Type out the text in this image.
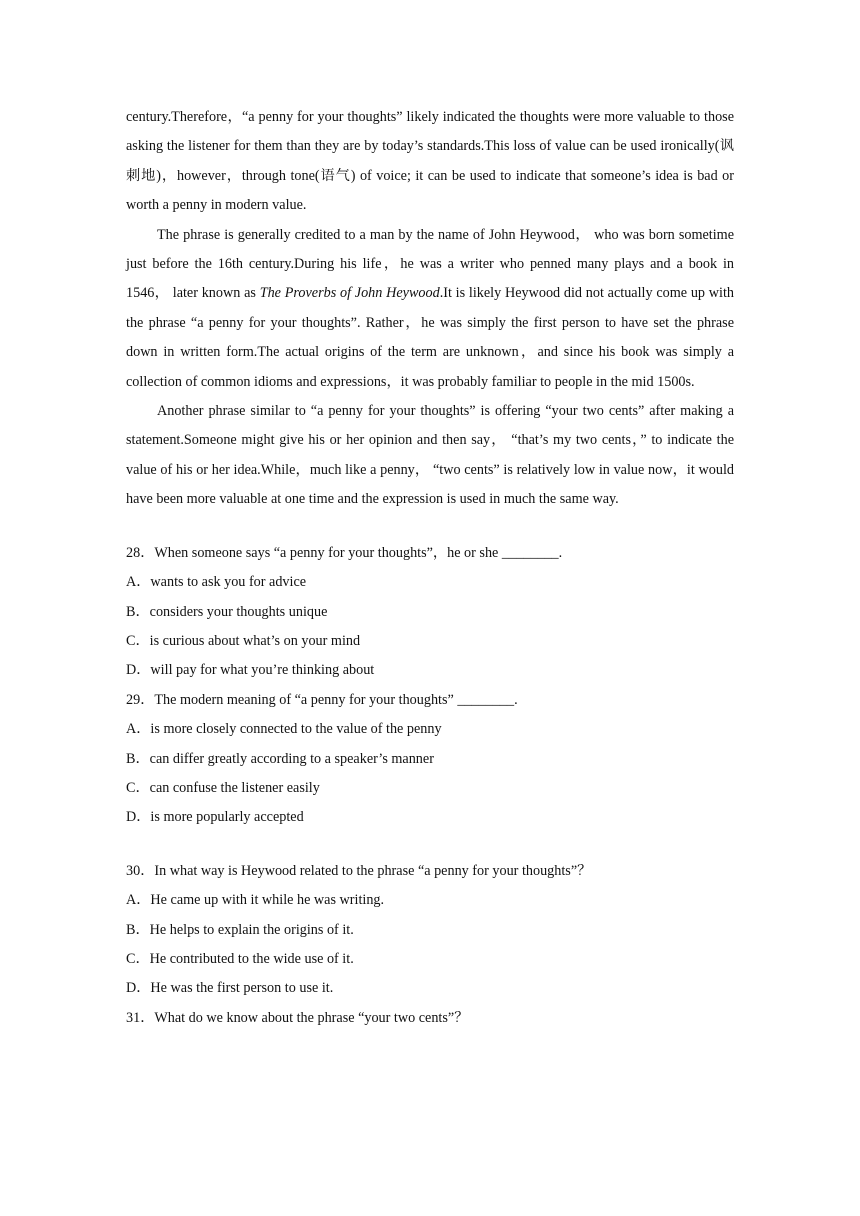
century.Therefore，“a penny for your thoughts” likely indicated the thoughts were more valuable to those asking the listener for them than they are by today’s standards.This loss of value can be used ironically(讽刺地)，however，through tone(语气) of voice; it can be used to indicate that someone’s idea is bad or worth a penny in modern value.

The phrase is generally credited to a man by the name of John Heywood， who was born sometime just before the 16th century.During his life，he was a writer who penned many plays and a book in 1546， later known as The Proverbs of John Heywood.It is likely Heywood did not actually come up with the phrase “a penny for your thoughts”. Rather，he was simply the first person to have set the phrase down in written form.The actual origins of the term are unknown，and since his book was simply a collection of common idioms and expressions，it was probably familiar to people in the mid 1500s.

Another phrase similar to “a penny for your thoughts” is offering “your two cents” after making a statement.Someone might give his or her opinion and then say， “that’s my two cents，” to indicate the value of his or her idea.While，much like a penny， “two cents” is relatively low in value now，it would have been more valuable at one time and the expression is used in much the same way.

28．When someone says “a penny for your thoughts”，he or she ________.

A．wants to ask you for advice

B．considers your thoughts unique

C．is curious about what’s on your mind

D．will pay for what you’re thinking about

29．The modern meaning of “a penny for your thoughts” ________.

A．is more closely connected to the value of the penny

B．can differ greatly according to a speaker’s manner

C．can confuse the listener easily

D．is more popularly accepted

30．In what way is Heywood related to the phrase “a penny for your thoughts”？

A．He came up with it while he was writing.

B．He helps to explain the origins of it.

C．He contributed to the wide use of it.

D．He was the first person to use it.

31．What do we know about the phrase “your two cents”？
